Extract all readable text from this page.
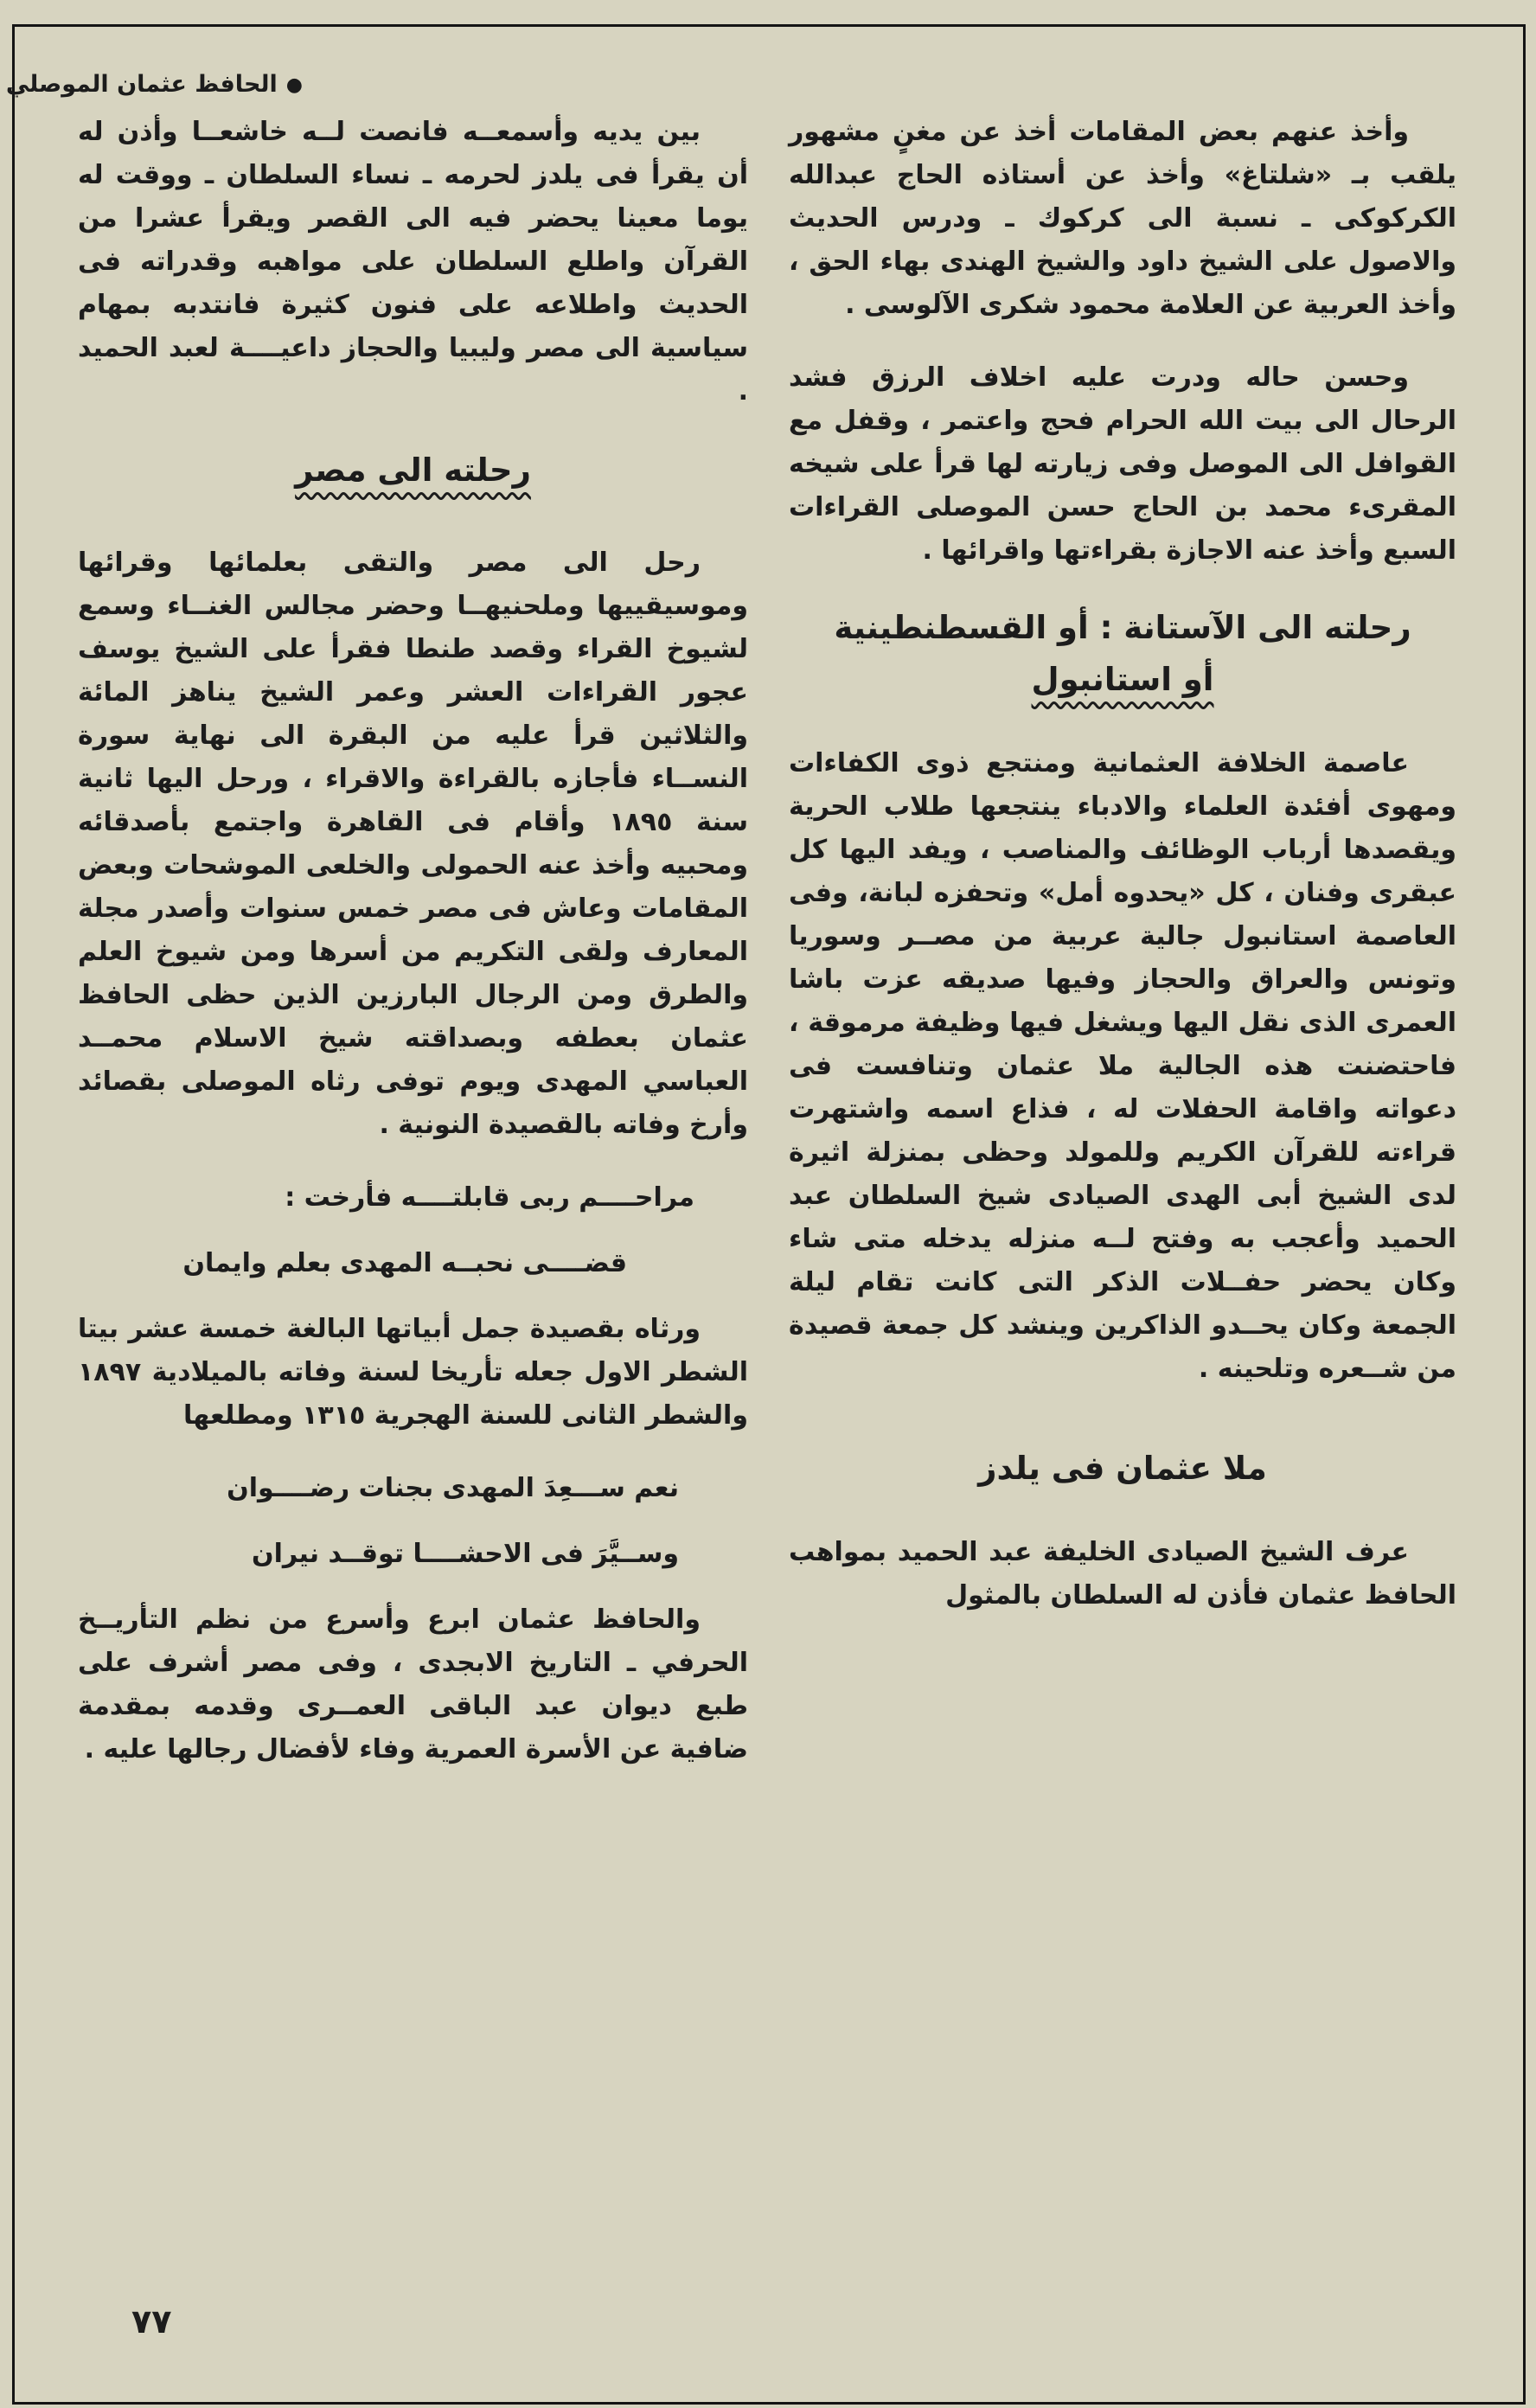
●الحافظ عثمان الموصلي

وأخذ عنهم بعض المقامات أخذ عن مغنٍ مشهور يلقب بـ «شلتاغ» وأخذ عن أستاذه الحاج عبدالله الكركوكى ـ نسبة الى كركوك ـ ودرس الحديث والاصول على الشيخ داود والشيخ الهندى بهاء الحق ، وأخذ العربية عن العلامة محمود شكرى الآلوسى .

وحسن حاله ودرت عليه اخلاف الرزق فشد الرحال الى بيت الله الحرام فحج واعتمر ، وقفل مع القوافل الى الموصل وفى زيارته لها قرأ على شيخه المقرىء محمد بن الحاج حسن الموصلى القراءات السبع وأخذ عنه الاجازة بقراءتها واقرائها .

رحلته الى الآستانة : أو القسطنطينية
أو استانبول

عاصمة الخلافة العثمانية ومنتجع ذوى الكفاءات ومهوى أفئدة العلماء والادباء ينتجعها طلاب الحرية ويقصدها أرباب الوظائف والمناصب ، ويفد اليها كل عبقرى وفنان ، كل «يحدوه أمل» وتحفزه لبانة، وفى العاصمة استانبول جالية عربية من مصــر وسوريا وتونس والعراق والحجاز وفيها صديقه عزت باشا العمرى الذى نقل اليها ويشغل فيها وظيفة مرموقة ، فاحتضنت هذه الجالية ملا عثمان وتنافست فى دعواته واقامة الحفلات له ، فذاع اسمه واشتهرت قراءته للقرآن الكريم وللمولد وحظى بمنزلة اثيرة لدى الشيخ أبى الهدى الصيادى شيخ السلطان عبد الحميد وأعجب به وفتح لــه منزله يدخله متى شاء وكان يحضر حفــلات الذكر التى كانت تقام ليلة الجمعة وكان يحــدو الذاكرين وينشد كل جمعة قصيدة من شــعره وتلحينه .

ملا عثمان فى يلدز

عرف الشيخ الصيادى الخليفة عبد الحميد بمواهب الحافظ عثمان فأذن له السلطان بالمثول

بين يديه وأسمعــه فانصت لــه خاشعــا وأذن له أن يقرأ فى يلدز لحرمه ـ نساء السلطان ـ ووقت له يوما معينا يحضر فيه الى القصر ويقرأ عشرا من القرآن واطلع السلطان على مواهبه وقدراته فى الحديث واطلاعه على فنون كثيرة فانتدبه بمهام سياسية الى مصر وليبيا والحجاز داعيــــة لعبد الحميد .

رحلته الى مصر

رحل الى مصر والتقى بعلمائها وقرائها وموسيقييها وملحنيهــا وحضر مجالس الغنــاء وسمع لشيوخ القراء وقصد طنطا فقرأ على الشيخ يوسف عجور القراءات العشر وعمر الشيخ يناهز المائة والثلاثين قرأ عليه من البقرة الى نهاية سورة النســاء فأجازه بالقراءة والاقراء ، ورحل اليها ثانية سنة ١٨٩٥ وأقام فى القاهرة واجتمع بأصدقائه ومحبيه وأخذ عنه الحمولى والخلعى الموشحات وبعض المقامات وعاش فى مصر خمس سنوات وأصدر مجلة المعارف ولقى التكريم من أسرها ومن شيوخ العلم والطرق ومن الرجال البارزين الذين حظى الحافظ عثمان بعطفه وبصداقته شيخ الاسلام محمــد العباسي المهدى ويوم توفى رثاه الموصلى بقصائد وأرخ وفاته بالقصيدة النونية .

مراحــــم ربى قابلتــــه فأرخت :

قضــــى نحبــه المهدى بعلم وايمان

ورثاه بقصيدة جمل أبياتها البالغة خمسة عشر بيتا الشطر الاول جعله تأريخا لسنة وفاته بالميلادية ١٨٩٧ والشطر الثانى للسنة الهجرية ١٣١٥ ومطلعها

نعم ســـعِدَ المهدى بجنات رضــــوان

وســيَّرَ فى الاحشــــا توقــد نيران

والحافظ عثمان ابرع وأسرع من نظم التأريــخ الحرفي ـ التاريخ الابجدى ، وفى مصر أشرف على طبع ديوان عبد الباقى العمــرى وقدمه بمقدمة ضافية عن الأسرة العمرية وفاء لأفضال رجالها عليه .

٧٧
